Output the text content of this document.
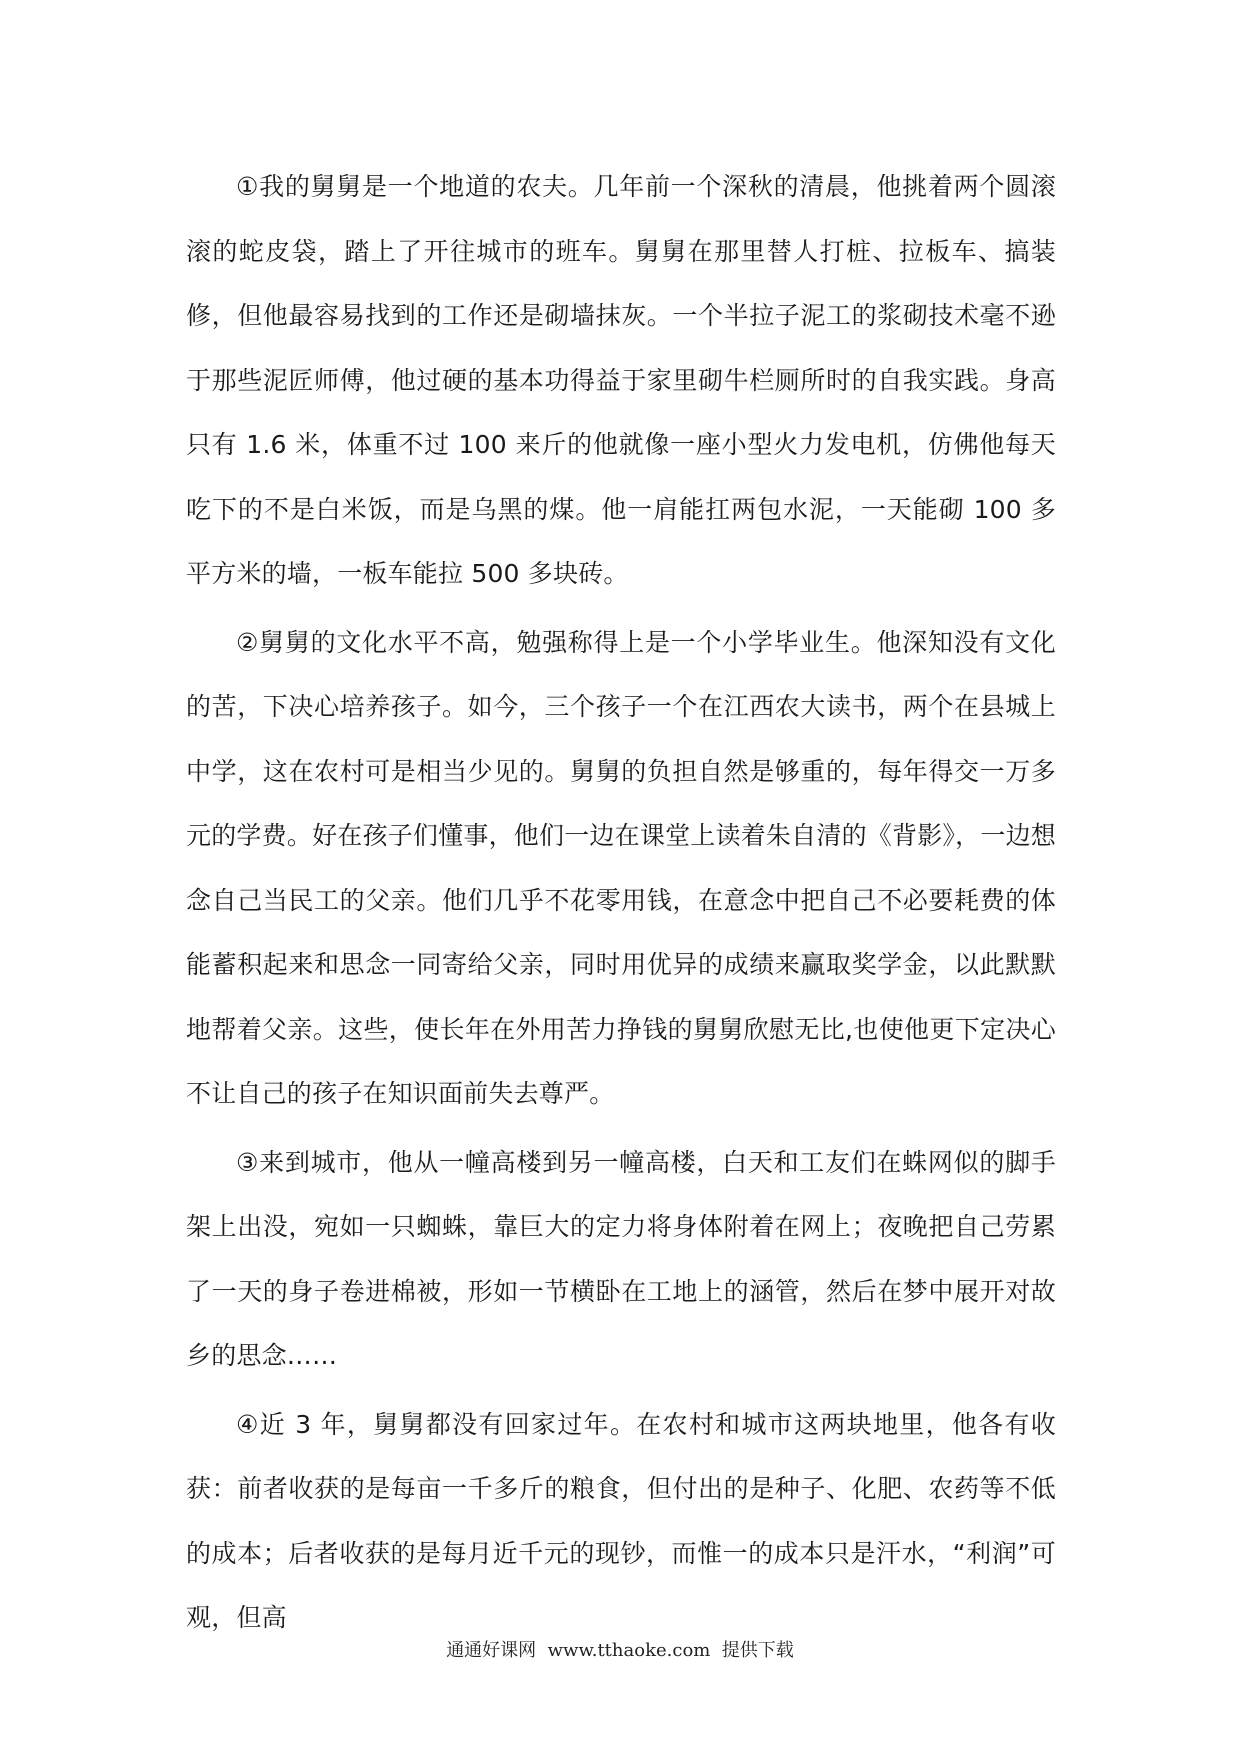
①我的舅舅是一个地道的农夫。几年前一个深秋的清晨，他挑着两个圆滚滚的蛇皮袋，踏上了开往城市的班车。舅舅在那里替人打桩、拉板车、搞装修，但他最容易找到的工作还是砌墙抹灰。一个半拉子泥工的浆砌技术毫不逊于那些泥匠师傅，他过硬的基本功得益于家里砌牛栏厕所时的自我实践。身高只有 1.6 米，体重不过 100 来斤的他就像一座小型火力发电机，仿佛他每天吃下的不是白米饭，而是乌黑的煤。他一肩能扛两包水泥，一天能砌 100 多平方米的墙，一板车能拉 500 多块砖。

②舅舅的文化水平不高，勉强称得上是一个小学毕业生。他深知没有文化的苦，下决心培养孩子。如今，三个孩子一个在江西农大读书，两个在县城上中学，这在农村可是相当少见的。舅舅的负担自然是够重的，每年得交一万多元的学费。好在孩子们懂事，他们一边在课堂上读着朱自清的《背影》，一边想念自己当民工的父亲。他们几乎不花零用钱，在意念中把自己不必要耗费的体能蓄积起来和思念一同寄给父亲，同时用优异的成绩来赢取奖学金，以此默默地帮着父亲。这些，使长年在外用苦力挣钱的舅舅欣慰无比,也使他更下定决心不让自己的孩子在知识面前失去尊严。

③来到城市，他从一幢高楼到另一幢高楼，白天和工友们在蛛网似的脚手架上出没，宛如一只蜘蛛，靠巨大的定力将身体附着在网上；夜晚把自己劳累了一天的身子卷进棉被，形如一节横卧在工地上的涵管，然后在梦中展开对故乡的思念……

④近 3 年，舅舅都没有回家过年。在农村和城市这两块地里，他各有收获：前者收获的是每亩一千多斤的粮食，但付出的是种子、化肥、农药等不低的成本；后者收获的是每月近千元的现钞，而惟一的成本只是汗水，“利润”可观，但高

通通好课网 www.tthaoke.com 提供下载
